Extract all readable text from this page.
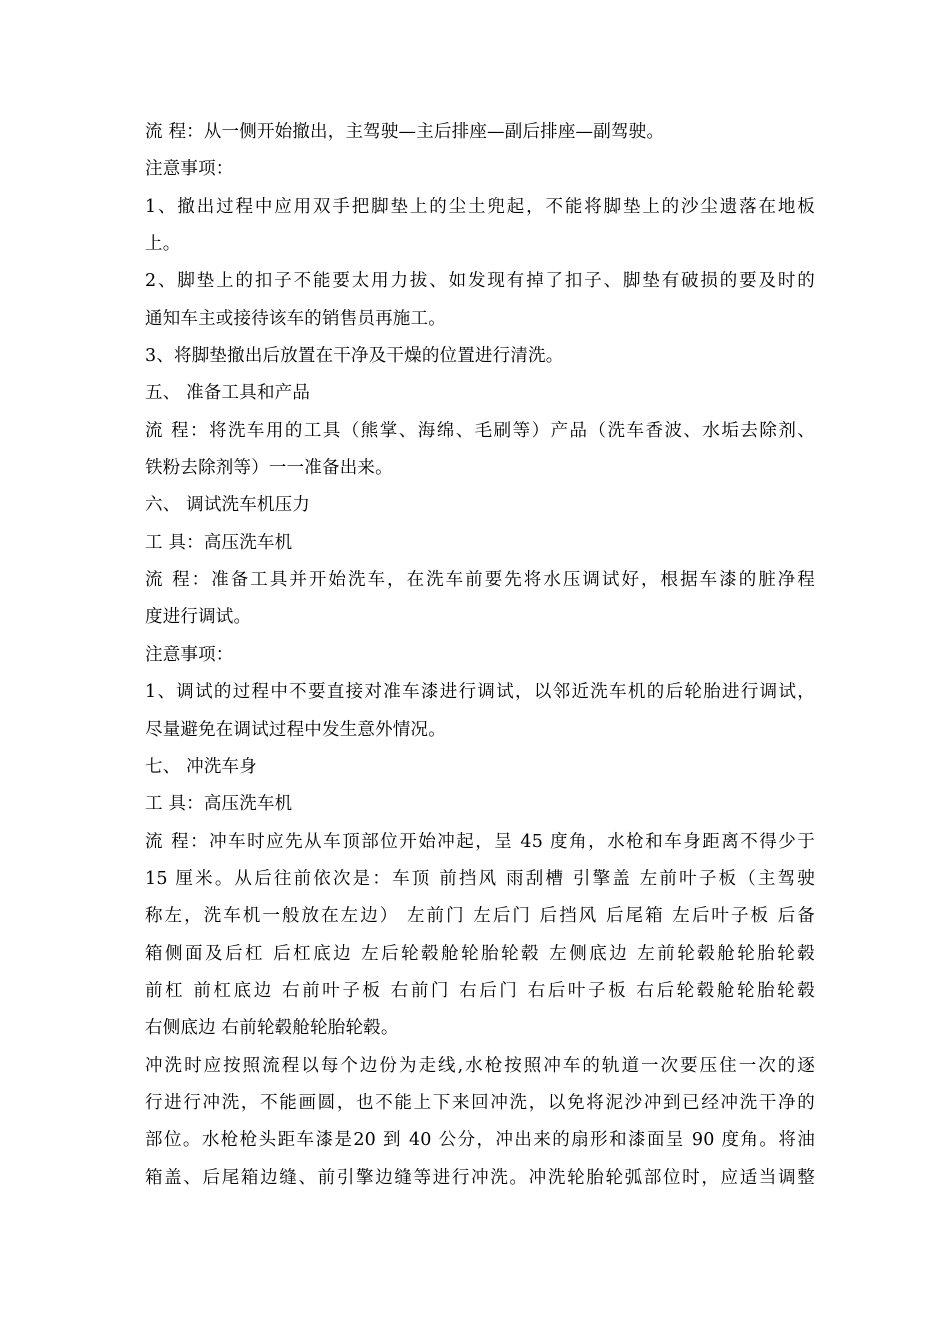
流 程：从一侧开始撤出，主驾驶—主后排座—副后排座—副驾驶。
注意事项：
1、撤出过程中应用双手把脚垫上的尘土兜起，不能将脚垫上的沙尘遗落在地板
上。
2、脚垫上的扣子不能要太用力拔、如发现有掉了扣子、脚垫有破损的要及时的
通知车主或接待该车的销售员再施工。
3、将脚垫撤出后放置在干净及干燥的位置进行清洗。
五、 准备工具和产品
流 程：将洗车用的工具（熊掌、海绵、毛刷等）产品（洗车香波、水垢去除剂、
铁粉去除剂等）一一准备出来。
六、 调试洗车机压力
工 具：高压洗车机
流 程：准备工具并开始洗车，在洗车前要先将水压调试好，根据车漆的脏净程
度进行调试。
注意事项：
1、调试的过程中不要直接对准车漆进行调试，以邻近洗车机的后轮胎进行调试，
尽量避免在调试过程中发生意外情况。
七、 冲洗车身
工 具：高压洗车机
流 程：冲车时应先从车顶部位开始冲起，呈 45 度角，水枪和车身距离不得少于
15 厘米。从后往前依次是：车顶 前挡风 雨刮槽 引擎盖 左前叶子板（主驾驶
称左，洗车机一般放在左边） 左前门 左后门 后挡风 后尾箱 左后叶子板 后备
箱侧面及后杠 后杠底边 左后轮毂舱轮胎轮毂 左侧底边 左前轮毂舱轮胎轮毂
前杠 前杠底边 右前叶子板 右前门 右后门 右后叶子板 右后轮毂舱轮胎轮毂
右侧底边 右前轮毂舱轮胎轮毂。
冲洗时应按照流程以每个边份为走线,水枪按照冲车的轨道一次要压住一次的逐
行进行冲洗，不能画圆，也不能上下来回冲洗，以免将泥沙冲到已经冲洗干净的
部位。水枪枪头距车漆是20 到 40 公分，冲出来的扇形和漆面呈 90 度角。将油
箱盖、后尾箱边缝、前引擎边缝等进行冲洗。冲洗轮胎轮弧部位时，应适当调整
